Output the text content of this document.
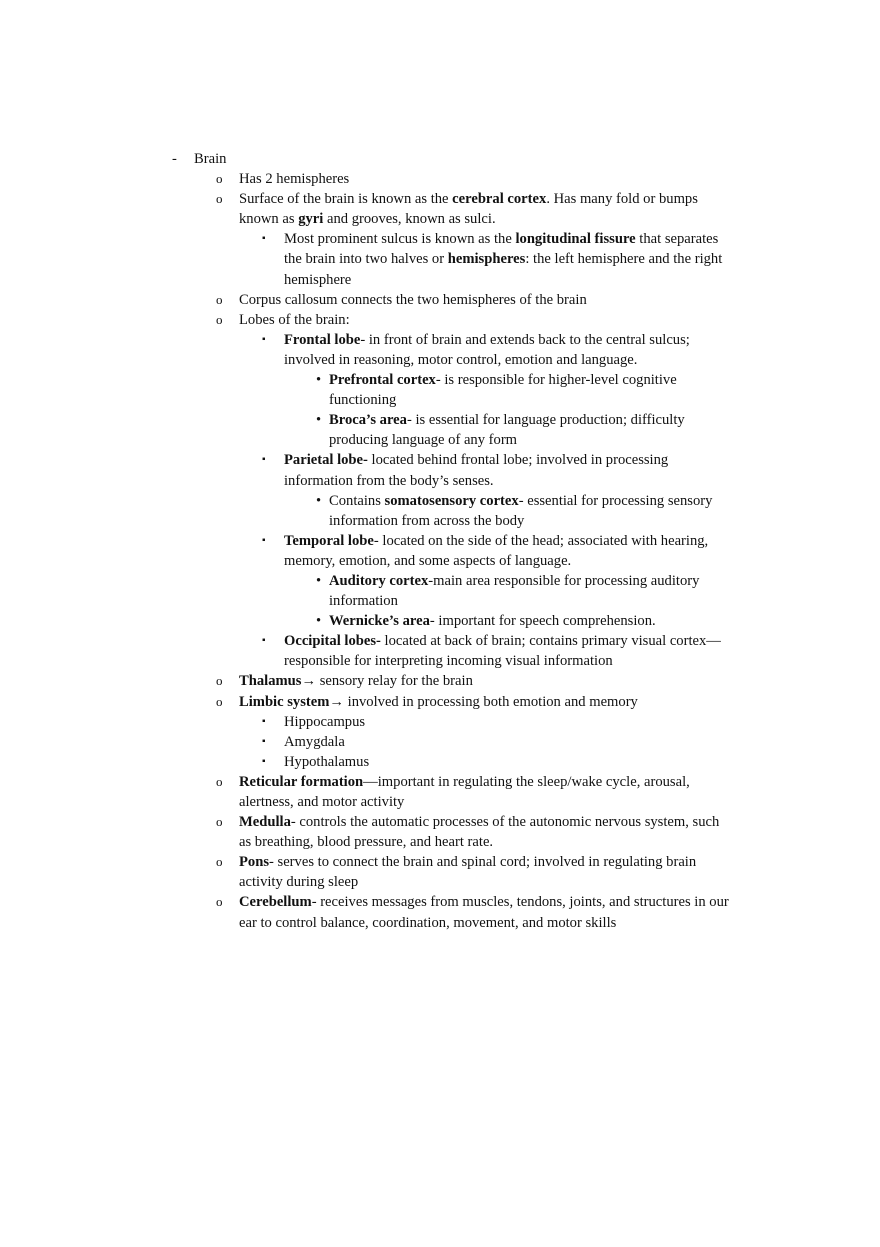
- Brain
o Has 2 hemispheres
o Surface of the brain is known as the cerebral cortex. Has many fold or bumps known as gyri and grooves, known as sulci.
▪ Most prominent sulcus is known as the longitudinal fissure that separates the brain into two halves or hemispheres: the left hemisphere and the right hemisphere
o Corpus callosum connects the two hemispheres of the brain
o Lobes of the brain:
▪ Frontal lobe- in front of brain and extends back to the central sulcus; involved in reasoning, motor control, emotion and language.
• Prefrontal cortex- is responsible for higher-level cognitive functioning
• Broca’s area- is essential for language production; difficulty producing language of any form
▪ Parietal lobe- located behind frontal lobe; involved in processing information from the body’s senses.
• Contains somatosensory cortex- essential for processing sensory information from across the body
▪ Temporal lobe- located on the side of the head; associated with hearing, memory, emotion, and some aspects of language.
• Auditory cortex-main area responsible for processing auditory information
• Wernicke’s area- important for speech comprehension.
▪ Occipital lobes- located at back of brain; contains primary visual cortex— responsible for interpreting incoming visual information
o Thalamus→ sensory relay for the brain
o Limbic system→ involved in processing both emotion and memory
▪ Hippocampus
▪ Amygdala
▪ Hypothalamus
o Reticular formation—important in regulating the sleep/wake cycle, arousal, alertness, and motor activity
o Medulla- controls the automatic processes of the autonomic nervous system, such as breathing, blood pressure, and heart rate.
o Pons- serves to connect the brain and spinal cord; involved in regulating brain activity during sleep
o Cerebellum- receives messages from muscles, tendons, joints, and structures in our ear to control balance, coordination, movement, and motor skills
